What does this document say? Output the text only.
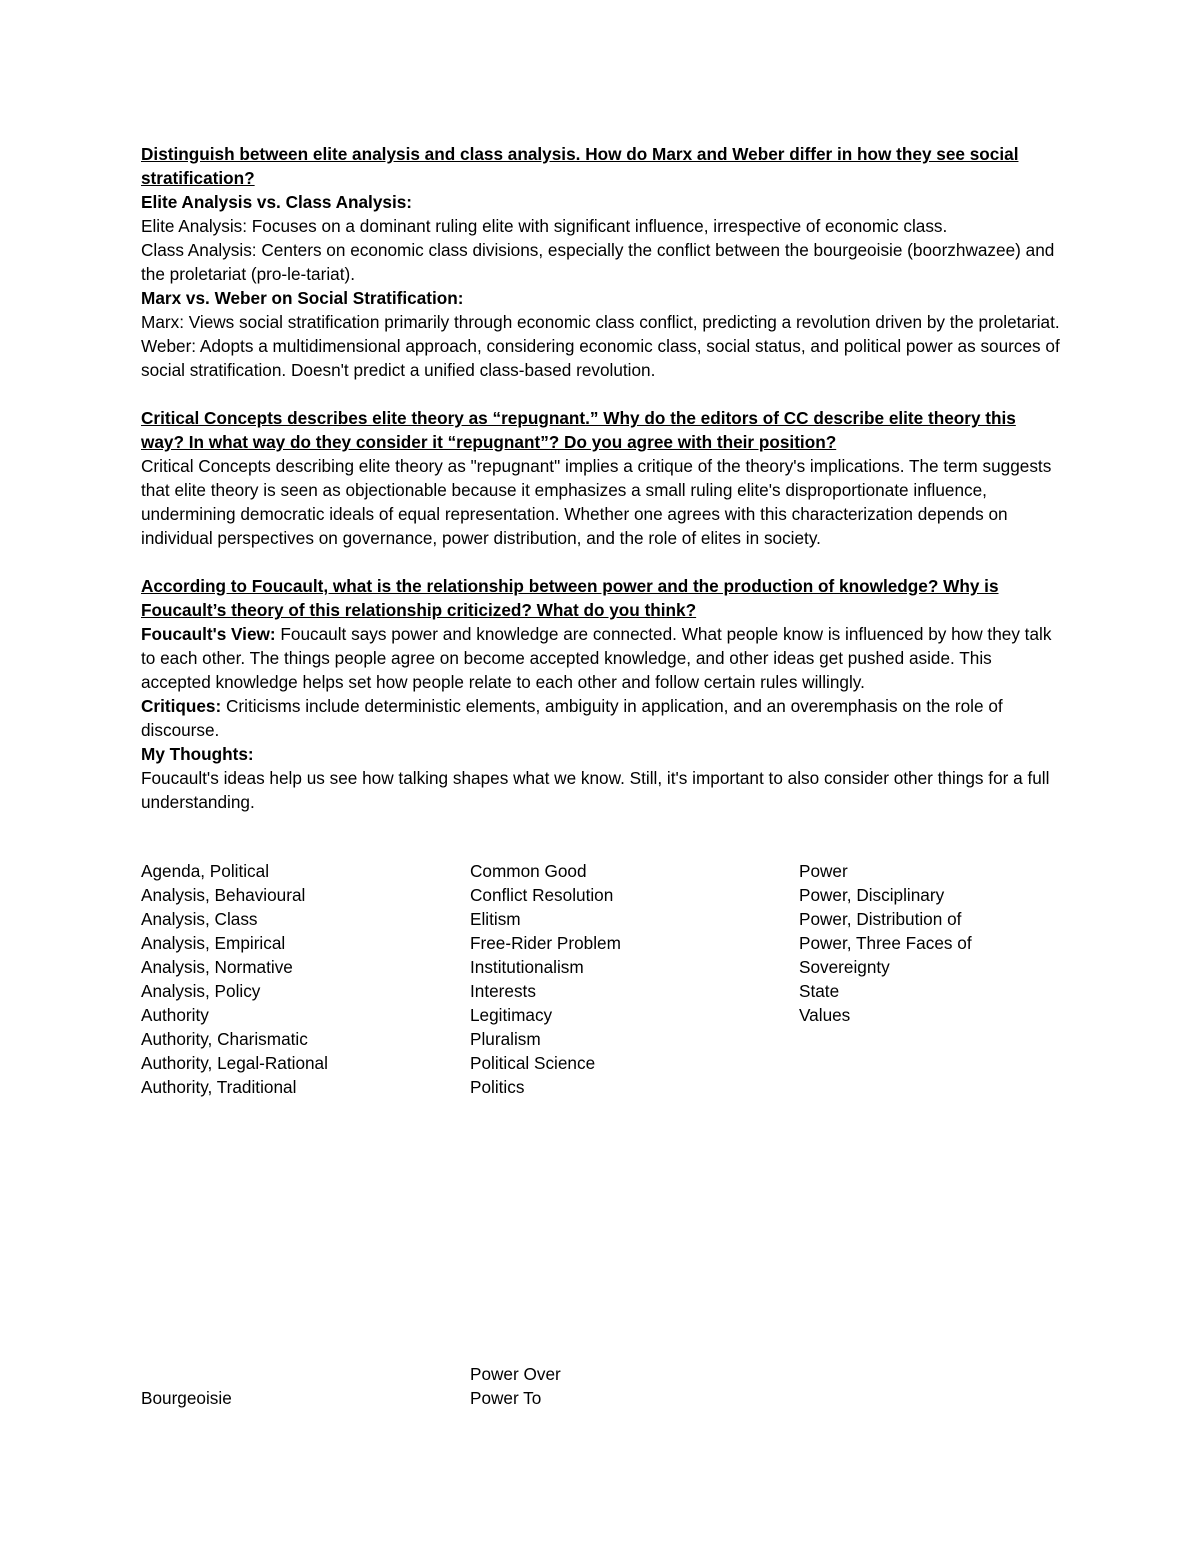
Distinguish between elite analysis and class analysis. How do Marx and Weber differ in how they see social stratification?

Elite Analysis vs. Class Analysis:

Elite Analysis: Focuses on a dominant ruling elite with significant influence, irrespective of economic class.

Class Analysis: Centers on economic class divisions, especially the conflict between the bourgeoisie (boorzhwazee) and the proletariat (pro-le-tariat).

Marx vs. Weber on Social Stratification:

Marx: Views social stratification primarily through economic class conflict, predicting a revolution driven by the proletariat.

Weber: Adopts a multidimensional approach, considering economic class, social status, and political power as sources of social stratification. Doesn't predict a unified class-based revolution.

Critical Concepts describes elite theory as “repugnant.” Why do the editors of CC describe elite theory this way? In what way do they consider it “repugnant”? Do you agree with their position?

Critical Concepts describing elite theory as "repugnant" implies a critique of the theory's implications. The term suggests that elite theory is seen as objectionable because it emphasizes a small ruling elite's disproportionate influence, undermining democratic ideals of equal representation. Whether one agrees with this characterization depends on individual perspectives on governance, power distribution, and the role of elites in society.

According to Foucault, what is the relationship between power and the production of knowledge? Why is Foucault’s theory of this relationship criticized? What do you think?

Foucault's View: Foucault says power and knowledge are connected. What people know is influenced by how they talk to each other. The things people agree on become accepted knowledge, and other ideas get pushed aside. This accepted knowledge helps set how people relate to each other and follow certain rules willingly.

Critiques: Criticisms include deterministic elements, ambiguity in application, and an overemphasis on the role of discourse.

My Thoughts:

Foucault's ideas help us see how talking shapes what we know. Still, it's important to also consider other things for a full understanding.

Agenda, Political
Analysis, Behavioural
Analysis, Class
Analysis, Empirical
Analysis, Normative
Analysis, Policy
Authority
Authority, Charismatic
Authority, Legal-Rational
Authority, Traditional
Common Good
Conflict Resolution
Elitism
Free-Rider Problem
Institutionalism
Interests
Legitimacy
Pluralism
Political Science
Politics
Power
Power, Disciplinary
Power, Distribution of
Power, Three Faces of
Sovereignty
State
Values
Bourgeoisie
Power Over
Power To
